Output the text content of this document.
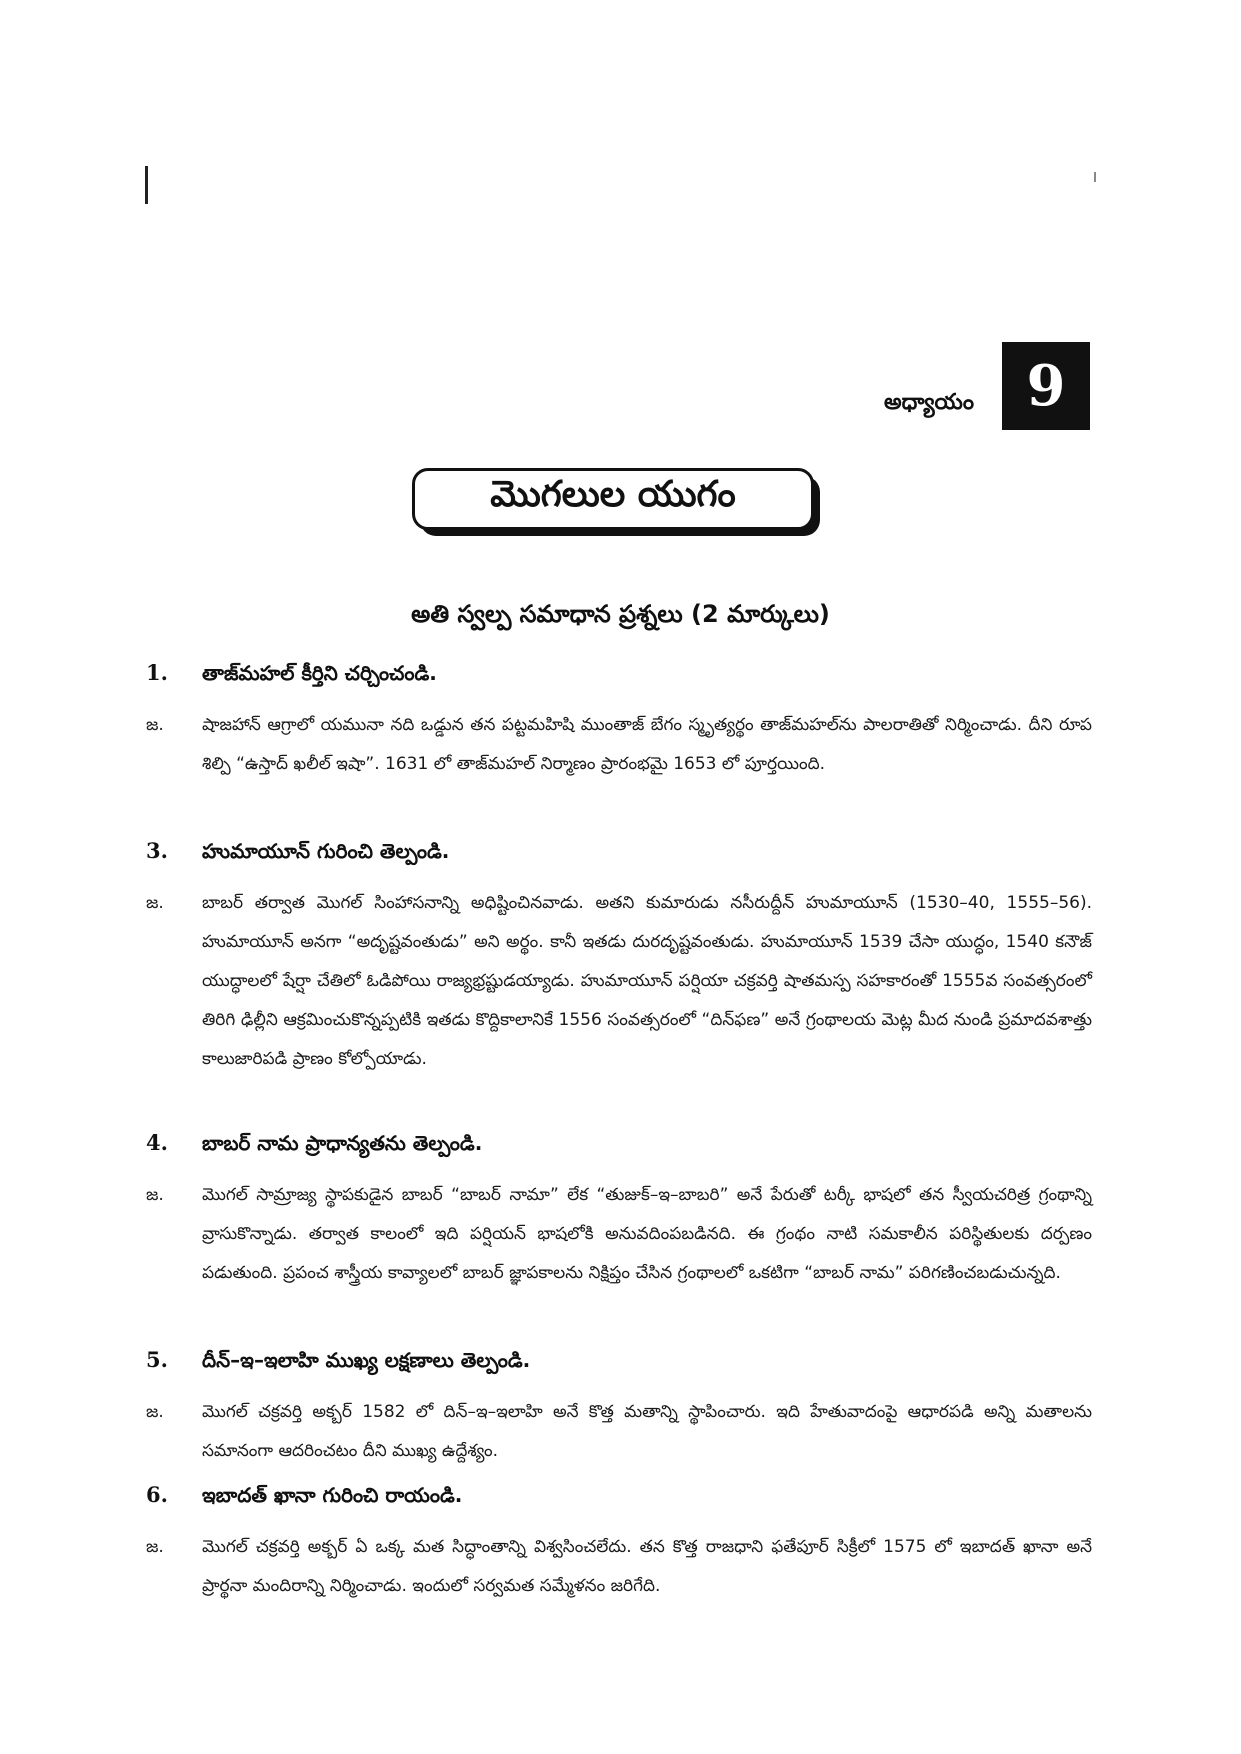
అధ్యాయం 9
మొగలుల యుగం
అతి స్వల్ప సమాధాన ప్రశ్నలు (2 మార్కులు)
1.	తాజ్‌మహల్ కీర్తిని చర్చించండి.
జ.	షాజహాన్ ఆగ్రాలో యమునా నది ఒడ్డున తన పట్టమహిషి ముంతాజ్ బేగం స్మృత్యర్థం తాజ్‌మహల్‌ను పాలరాతితో నిర్మించాడు. దీని రూప శిల్పి “ఉస్తాద్ ఖలీల్ ఇషా”. 1631 లో తాజ్‌మహల్ నిర్మాణం ప్రారంభమై 1653 లో పూర్తయింది.
3.	హుమాయూన్ గురించి తెల్పండి.
జ.	బాబర్ తర్వాత మొగల్ సింహాసనాన్ని అధిష్టించినవాడు. అతని కుమారుడు నసీరుద్దీన్ హుమాయూన్ (1530–40, 1555–56). హుమాయూన్ అనగా “అదృష్టవంతుడు” అని అర్థం. కానీ ఇతడు దురదృష్టవంతుడు. హుమాయూన్ 1539 చేసా యుద్ధం, 1540 కనౌజ్ యుద్ధాలలో షేర్షా చేతిలో ఓడిపోయి రాజ్యభ్రష్టుడయ్యాడు. హుమాయూన్ పర్షియా చక్రవర్తి షాతమస్ప సహకారంతో 1555వ సంవత్సరంలో తిరిగి ఢిల్లీని ఆక్రమించుకొన్నప్పటికి ఇతడు కొద్దికాలానికే 1556 సంవత్సరంలో “దిన్‌ఫణ” అనే గ్రంథాలయ మెట్ల మీద నుండి ప్రమాదవశాత్తు కాలుజారిపడి ప్రాణం కోల్పోయాడు.
4.	బాబర్ నామ ప్రాధాన్యతను తెల్పండి.
జ.	మొగల్ సామ్రాజ్య స్థాపకుడైన బాబర్ “బాబర్ నామా” లేక “తుజుక్–ఇ–బాబరి” అనే పేరుతో టర్కీ భాషలో తన స్వీయచరిత్ర గ్రంథాన్ని వ్రాసుకొన్నాడు. తర్వాత కాలంలో ఇది పర్షియన్ భాషలోకి అనువదింపబడినది. ఈ గ్రంథం నాటి సమకాలీన పరిస్థితులకు దర్పణం పడుతుంది. ప్రపంచ శాస్త్రీయ కావ్యాలలో బాబర్ జ్ఞాపకాలను నిక్షిప్తం చేసిన గ్రంథాలలో ఒకటిగా “బాబర్ నామ” పరిగణించబడుచున్నది.
5.	దీన్–ఇ–ఇలాహి ముఖ్య లక్షణాలు తెల్పండి.
జ.	మొగల్ చక్రవర్తి అక్బర్ 1582 లో దిన్–ఇ–ఇలాహి అనే కొత్త మతాన్ని స్థాపించారు. ఇది హేతువాదంపై ఆధారపడి అన్ని మతాలను సమానంగా ఆదరించటం దీని ముఖ్య ఉద్దేశ్యం.
6.	ఇబాదత్ ఖానా గురించి రాయండి.
జ.	మొగల్ చక్రవర్తి అక్బర్ ఏ ఒక్క మత సిద్ధాంతాన్ని విశ్వసించలేదు. తన కొత్త రాజధాని ఫతేపూర్ సిక్రీలో 1575 లో ఇబాదత్ ఖానా అనే ప్రార్థనా మందిరాన్ని నిర్మించాడు. ఇందులో సర్వమత సమ్మేళనం జరిగేది.
